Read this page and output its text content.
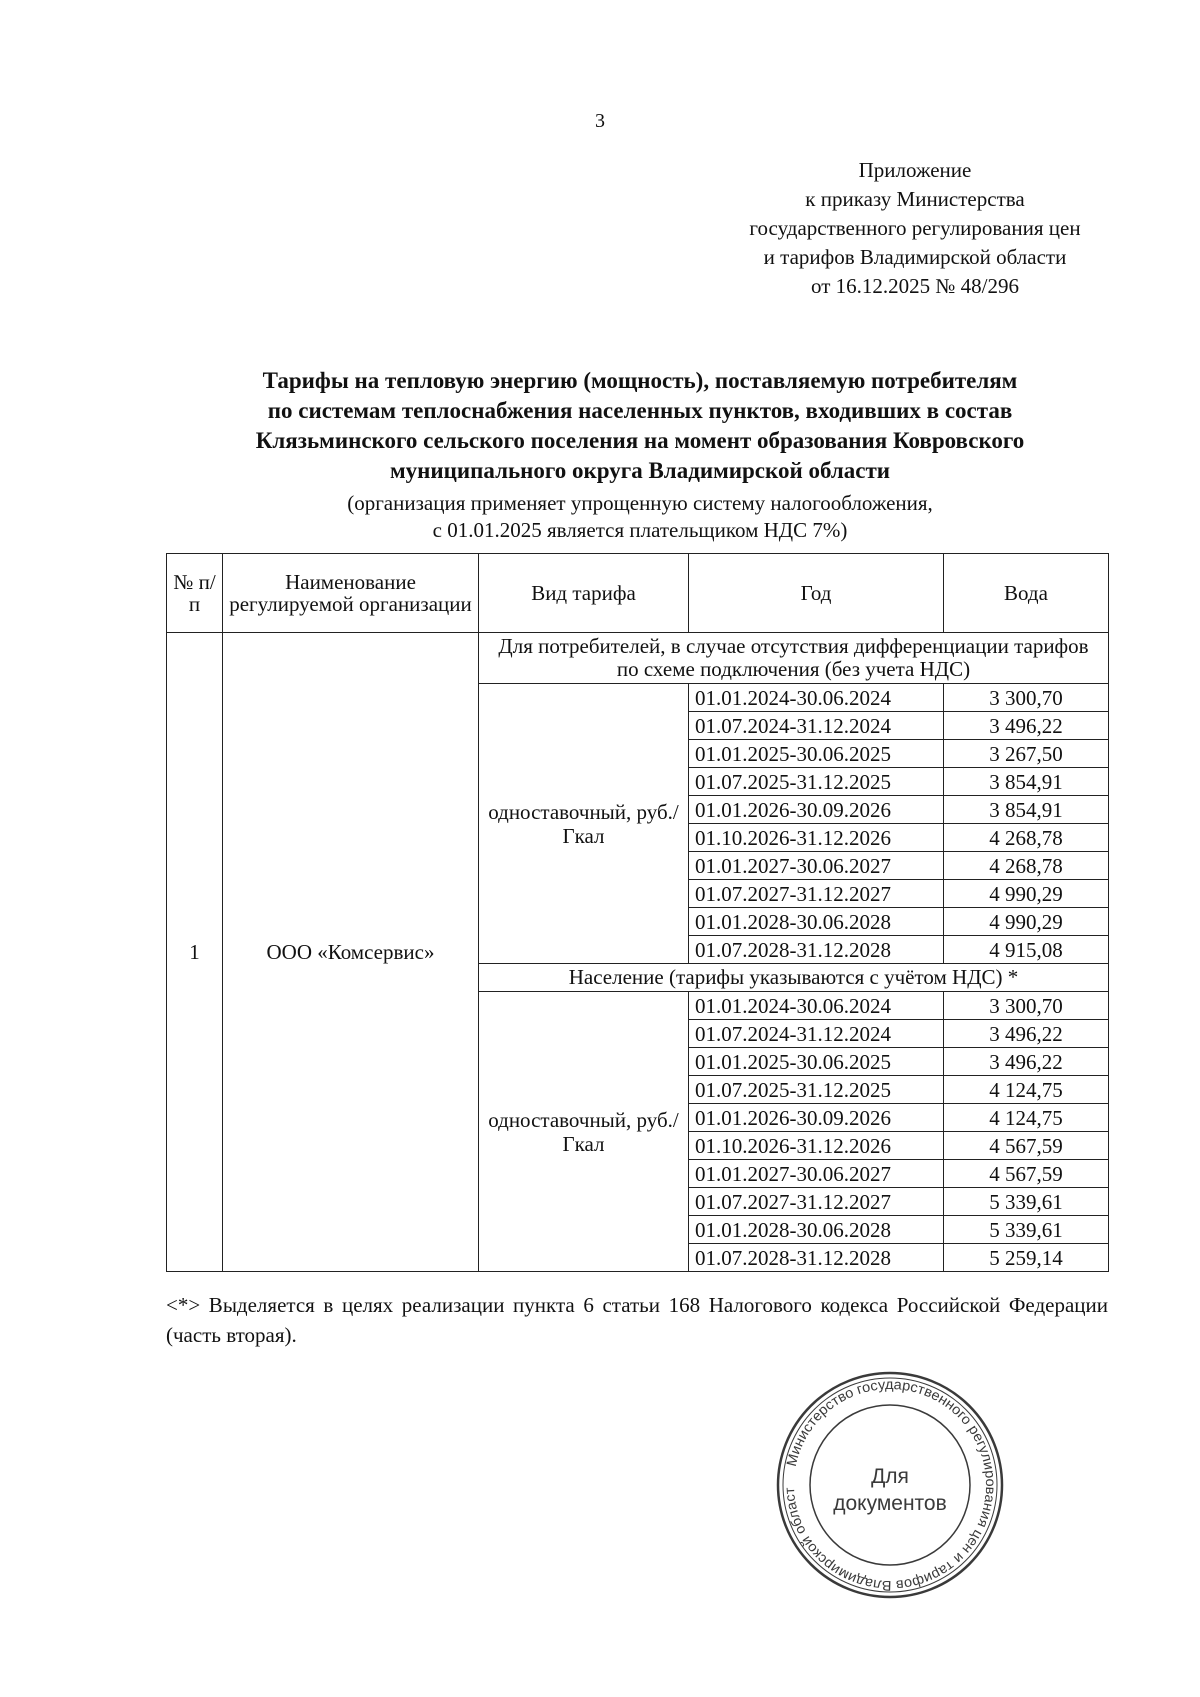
3
Приложение
к приказу Министерства
государственного регулирования цен
и тарифов Владимирской области
от 16.12.2025 № 48/296
Тарифы на тепловую энергию (мощность), поставляемую потребителям
по системам теплоснабжения населенных пунктов, входивших в состав
Клязьминского сельского поселения на момент образования Ковровского
муниципального округа Владимирской области
(организация применяет упрощенную систему налогообложения,
с 01.01.2025 является плательщиком НДС 7%)
№ п/п	Наименование регулируемой организации	Вид тарифа	Год	Вода
1	ООО «Комсервис»	Для потребителей, в случае отсутствия дифференциации тарифов по схеме подключения (без учета НДС)		
		одноставочный, руб./Гкал	01.01.2024-30.06.2024	3 300,70
			01.07.2024-31.12.2024	3 496,22
			01.01.2025-30.06.2025	3 267,50
			01.07.2025-31.12.2025	3 854,91
			01.01.2026-30.09.2026	3 854,91
			01.10.2026-31.12.2026	4 268,78
			01.01.2027-30.06.2027	4 268,78
			01.07.2027-31.12.2027	4 990,29
			01.01.2028-30.06.2028	4 990,29
			01.07.2028-31.12.2028	4 915,08
		Население (тарифы указываются с учётом НДС) *		
		одноставочный, руб./Гкал	01.01.2024-30.06.2024	3 300,70
			01.07.2024-31.12.2024	3 496,22
			01.01.2025-30.06.2025	3 496,22
			01.07.2025-31.12.2025	4 124,75
			01.01.2026-30.09.2026	4 124,75
			01.10.2026-31.12.2026	4 567,59
			01.01.2027-30.06.2027	4 567,59
			01.07.2027-31.12.2027	5 339,61
			01.01.2028-30.06.2028	5 339,61
			01.07.2028-31.12.2028	5 259,14
<*> Выделяется в целях реализации пункта 6 статьи 168 Налогового кодекса Российской Федерации (часть вторая).
Министерство государственного регулирования цен и тарифов Владимирской област
Для
документов
